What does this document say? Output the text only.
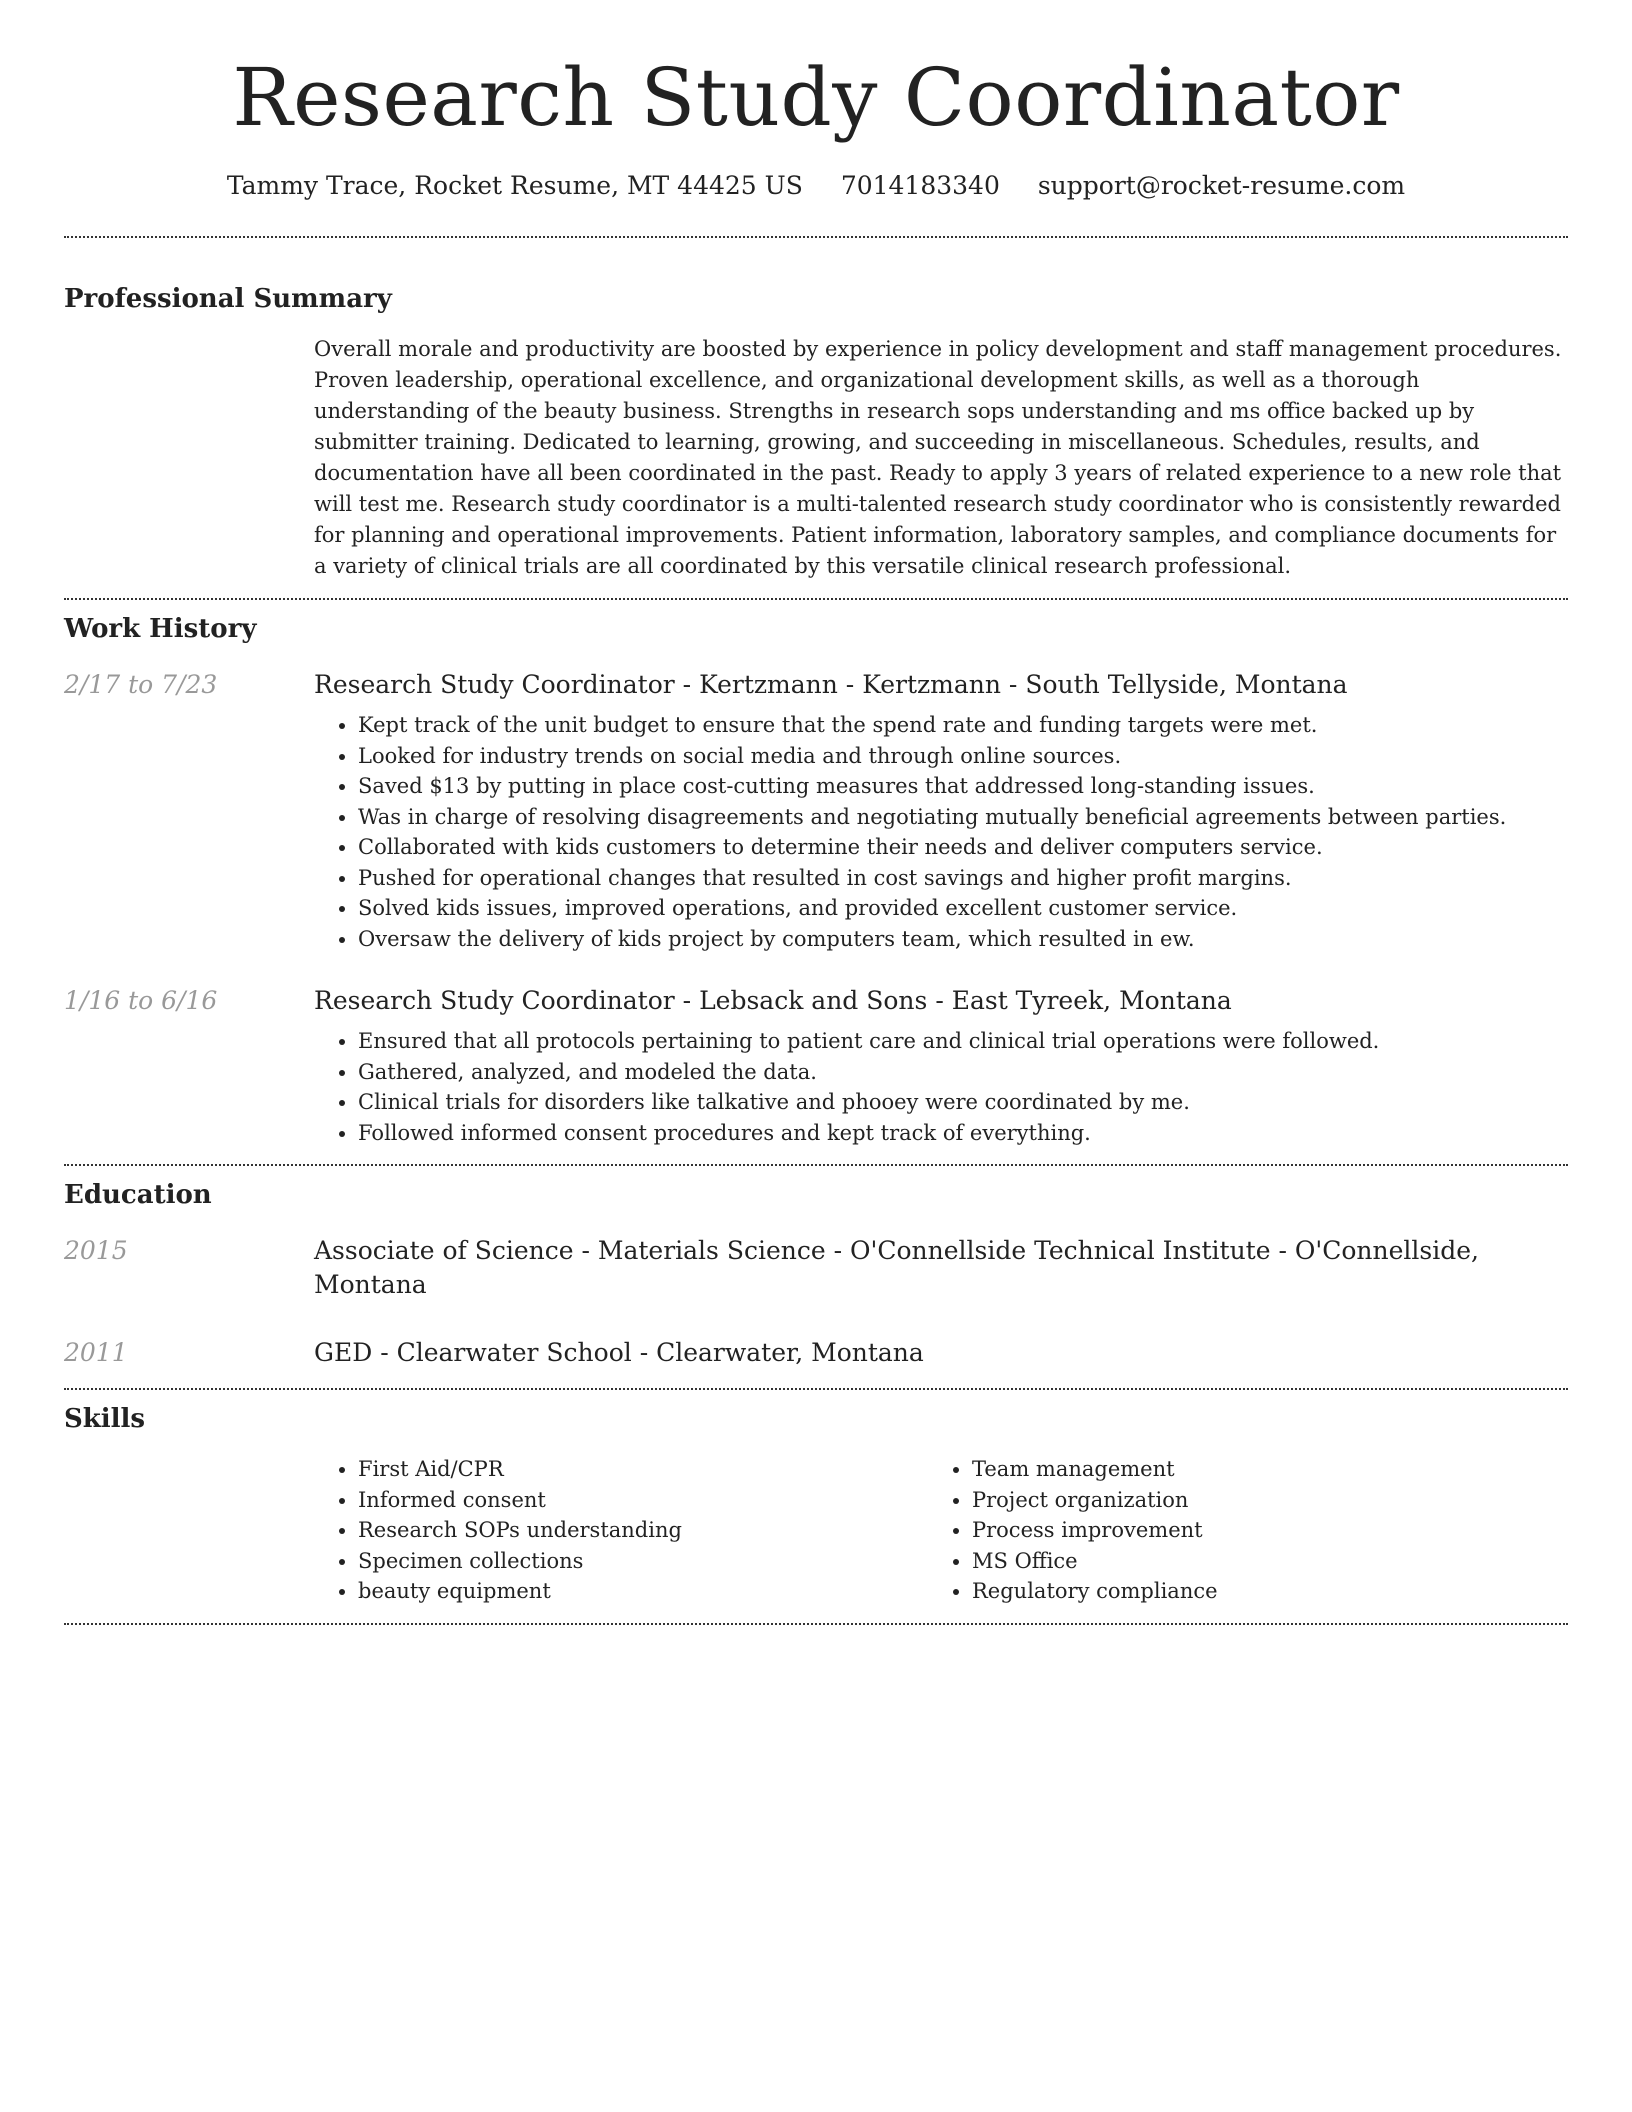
Research Study Coordinator
Tammy Trace, Rocket Resume, MT 44425 US 7014183340 support@rocket-resume.com
Professional Summary

Overall morale and productivity are boosted by experience in policy development and staff management procedures. Proven leadership, operational excellence, and organizational development skills, as well as a thorough understanding of the beauty business. Strengths in research sops understanding and ms office backed up by submitter training. Dedicated to learning, growing, and succeeding in miscellaneous. Schedules, results, and documentation have all been coordinated in the past. Ready to apply 3 years of related experience to a new role that will test me. Research study coordinator is a multi-talented research study coordinator who is consistently rewarded for planning and operational improvements. Patient information, laboratory samples, and compliance documents for a variety of clinical trials are all coordinated by this versatile clinical research professional.

Work History
2/17 to 7/23	Research Study Coordinator - Kertzmann - Kertzmann - South Tellyside, Montana
• Kept track of the unit budget to ensure that the spend rate and funding targets were met.
• Looked for industry trends on social media and through online sources.
• Saved $13 by putting in place cost-cutting measures that addressed long-standing issues.
• Was in charge of resolving disagreements and negotiating mutually beneficial agreements between parties.
• Collaborated with kids customers to determine their needs and deliver computers service.
• Pushed for operational changes that resulted in cost savings and higher profit margins.
• Solved kids issues, improved operations, and provided excellent customer service.
• Oversaw the delivery of kids project by computers team, which resulted in ew.
1/16 to 6/16	Research Study Coordinator - Lebsack and Sons - East Tyreek, Montana
• Ensured that all protocols pertaining to patient care and clinical trial operations were followed.
• Gathered, analyzed, and modeled the data.
• Clinical trials for disorders like talkative and phooey were coordinated by me.
• Followed informed consent procedures and kept track of everything.
Education
2015	Associate of Science - Materials Science - O'Connellside Technical Institute - O'Connellside, Montana
2011	GED - Clearwater School - Clearwater, Montana
Skills
• First Aid/CPR
• Informed consent
• Research SOPs understanding
• Specimen collections
• beauty equipment
• Team management
• Project organization
• Process improvement
• MS Office
• Regulatory compliance
